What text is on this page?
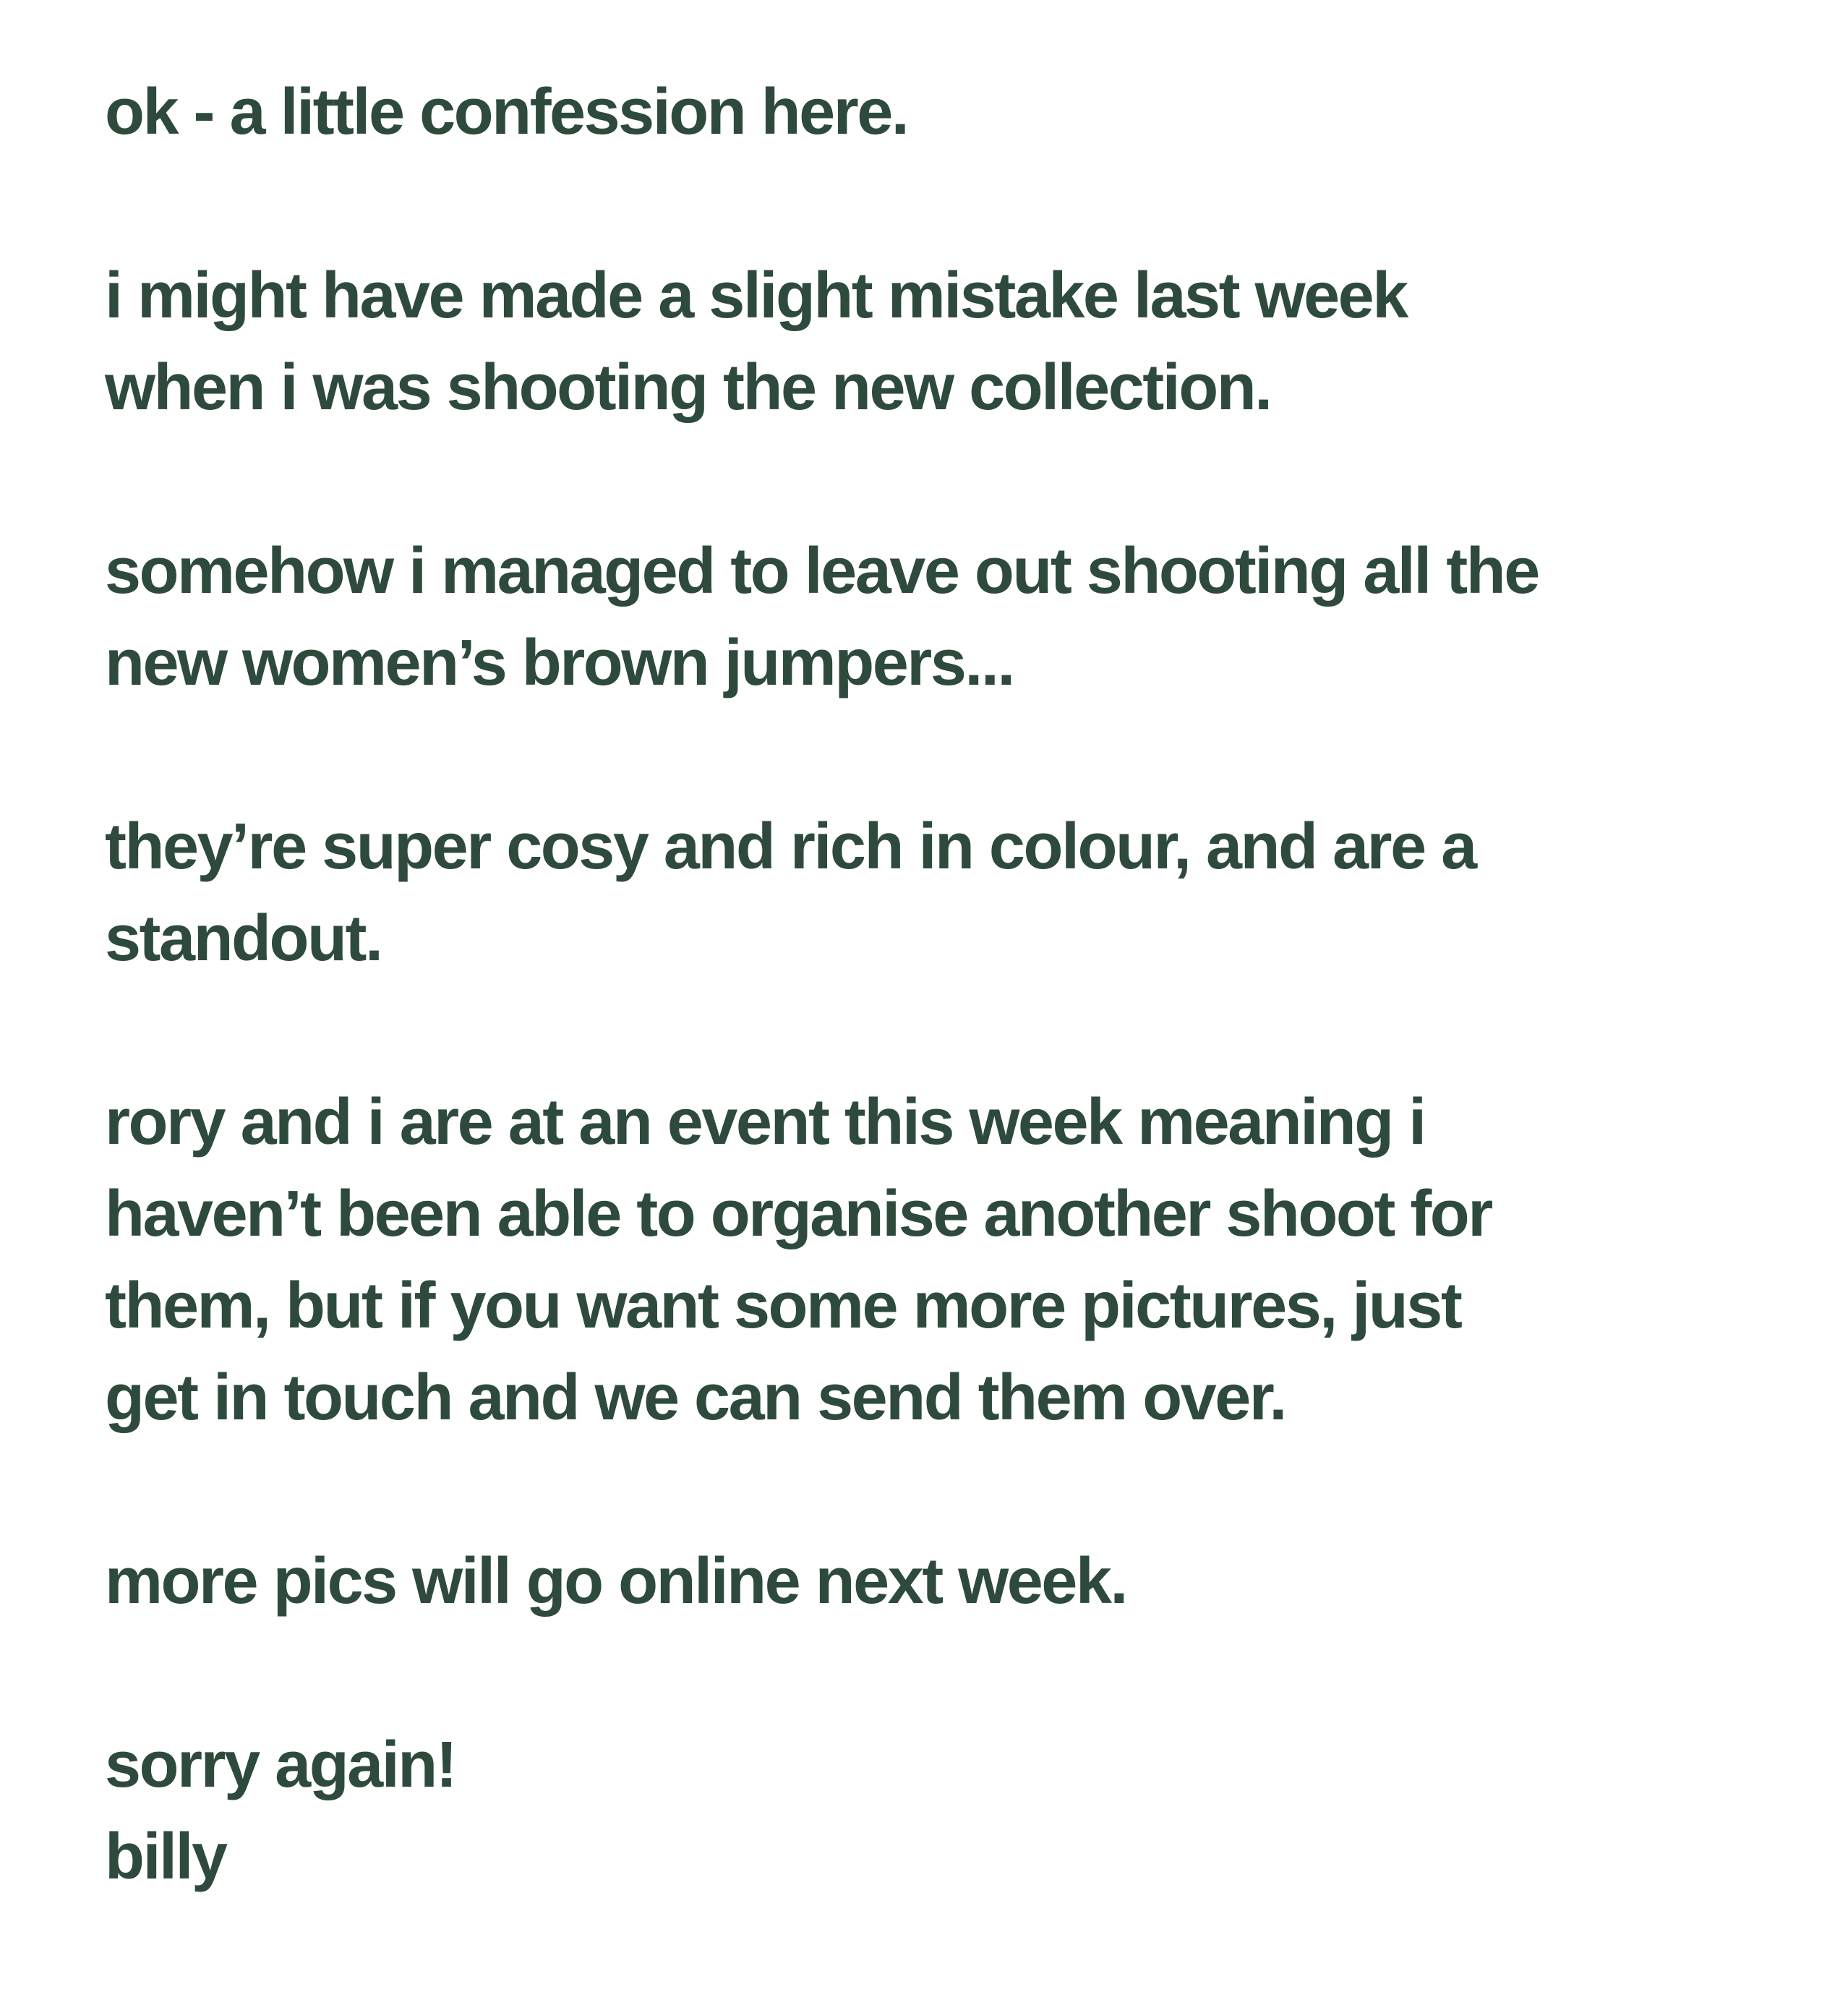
ok - a little confession here.
i might have made a slight mistake last week
when i was shooting the new collection.
somehow i managed to leave out shooting all the
new women’s brown jumpers...
they’re super cosy and rich in colour, and are a
standout.
rory and i are at an event this week meaning i
haven’t been able to organise another shoot for
them, but if you want some more pictures, just
get in touch and we can send them over.
more pics will go online next week.
sorry again!
billy
